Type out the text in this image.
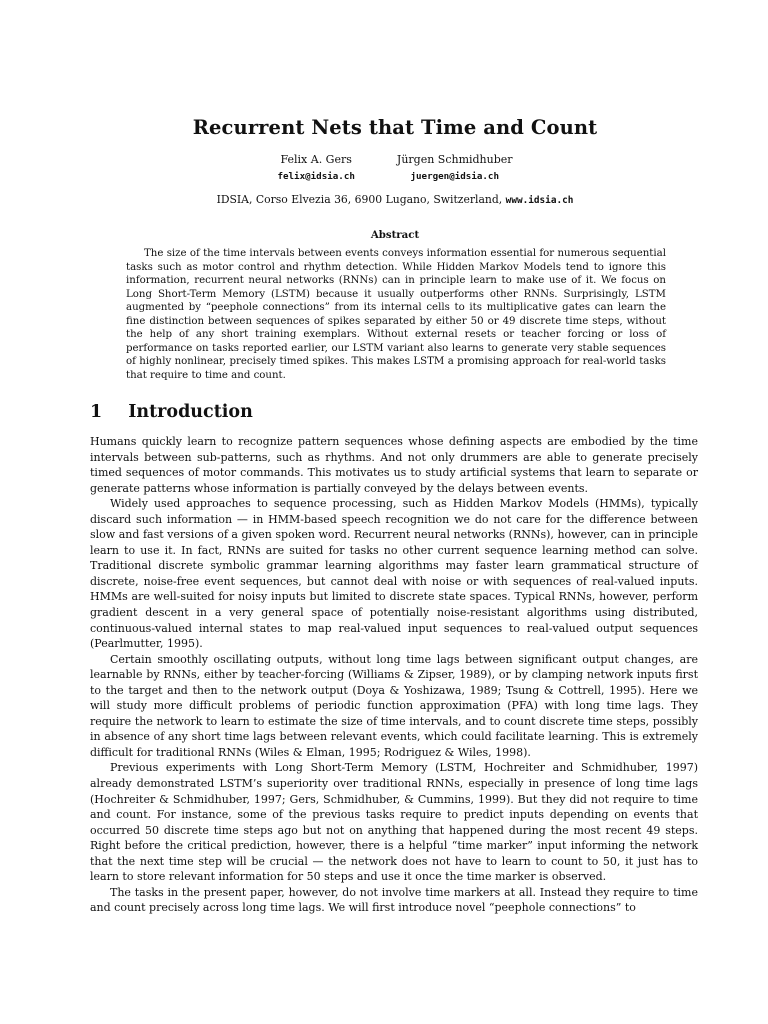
Recurrent Nets that Time and Count
Felix A. Gers
felix@idsia.ch
Jürgen Schmidhuber
juergen@idsia.ch
IDSIA, Corso Elvezia 36, 6900 Lugano, Switzerland, www.idsia.ch
Abstract

The size of the time intervals between events conveys information essential for numerous sequential tasks such as motor control and rhythm detection. While Hidden Markov Models tend to ignore this information, recurrent neural networks (RNNs) can in principle learn to make use of it. We focus on Long Short-Term Memory (LSTM) because it usually outperforms other RNNs. Surprisingly, LSTM augmented by “peephole connections” from its internal cells to its multiplicative gates can learn the fine distinction between sequences of spikes separated by either 50 or 49 discrete time steps, without the help of any short training exemplars. Without external resets or teacher forcing or loss of performance on tasks reported earlier, our LSTM variant also learns to generate very stable sequences of highly nonlinear, precisely timed spikes. This makes LSTM a promising approach for real-world tasks that require to time and count.

1 Introduction

Humans quickly learn to recognize pattern sequences whose defining aspects are embodied by the time intervals between sub-patterns, such as rhythms. And not only drummers are able to generate precisely timed sequences of motor commands. This motivates us to study artificial systems that learn to separate or generate patterns whose information is partially conveyed by the delays between events.

Widely used approaches to sequence processing, such as Hidden Markov Models (HMMs), typically discard such information — in HMM-based speech recognition we do not care for the difference between slow and fast versions of a given spoken word. Recurrent neural networks (RNNs), however, can in principle learn to use it. In fact, RNNs are suited for tasks no other current sequence learning method can solve. Traditional discrete symbolic grammar learning algorithms may faster learn grammatical structure of discrete, noise-free event sequences, but cannot deal with noise or with sequences of real-valued inputs. HMMs are well-suited for noisy inputs but limited to discrete state spaces. Typical RNNs, however, perform gradient descent in a very general space of potentially noise-resistant algorithms using distributed, continuous-valued internal states to map real-valued input sequences to real-valued output sequences (Pearlmutter, 1995).

Certain smoothly oscillating outputs, without long time lags between significant output changes, are learnable by RNNs, either by teacher-forcing (Williams & Zipser, 1989), or by clamping network inputs first to the target and then to the network output (Doya & Yoshizawa, 1989; Tsung & Cottrell, 1995). Here we will study more difficult problems of periodic function approximation (PFA) with long time lags. They require the network to learn to estimate the size of time intervals, and to count discrete time steps, possibly in absence of any short time lags between relevant events, which could facilitate learning. This is extremely difficult for traditional RNNs (Wiles & Elman, 1995; Rodriguez & Wiles, 1998).

Previous experiments with Long Short-Term Memory (LSTM, Hochreiter and Schmidhuber, 1997) already demonstrated LSTM’s superiority over traditional RNNs, especially in presence of long time lags (Hochreiter & Schmidhuber, 1997; Gers, Schmidhuber, & Cummins, 1999). But they did not require to time and count. For instance, some of the previous tasks require to predict inputs depending on events that occurred 50 discrete time steps ago but not on anything that happened during the most recent 49 steps. Right before the critical prediction, however, there is a helpful “time marker” input informing the network that the next time step will be crucial — the network does not have to learn to count to 50, it just has to learn to store relevant information for 50 steps and use it once the time marker is observed.

The tasks in the present paper, however, do not involve time markers at all. Instead they require to time and count precisely across long time lags. We will first introduce novel “peephole connections” to
